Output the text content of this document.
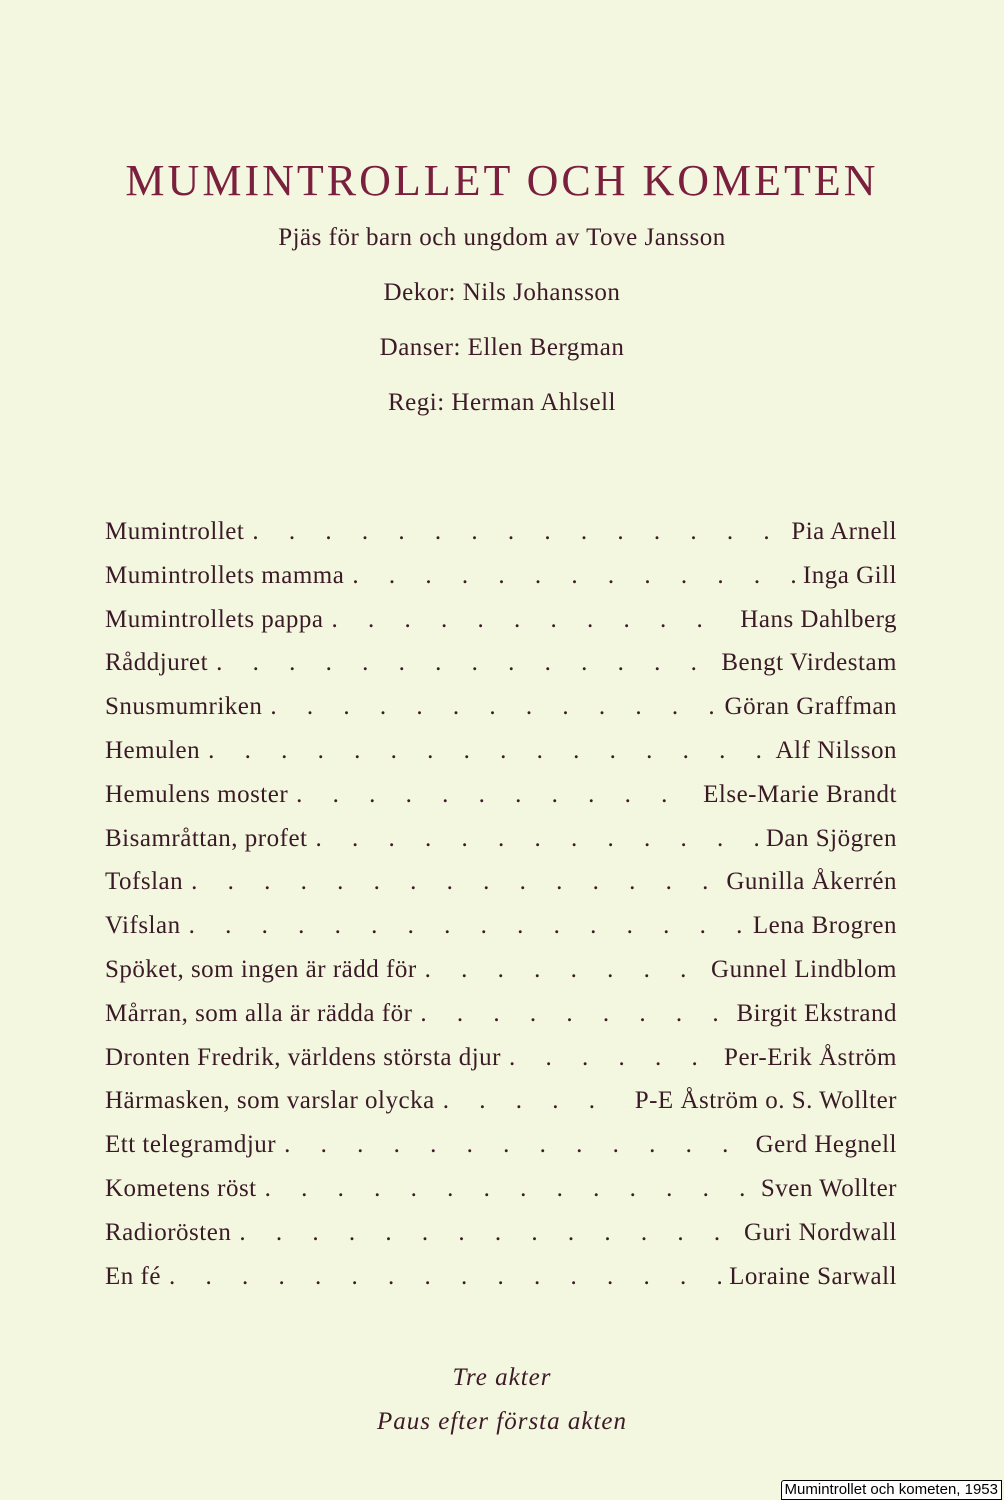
MUMINTROLLET OCH KOMETEN
Pjäs för barn och ungdom av Tove Jansson
Dekor: Nils Johansson
Danser: Ellen Bergman
Regi: Herman Ahlsell
Mumintrollet . . .	Pia Arnell
Mumintrollets mamma . . .	Inga Gill
Mumintrollets pappa . . .	Hans Dahlberg
Råddjuret . . .	Bengt Virdestam
Snusmumriken . . .	Göran Graffman
Hemulen . . .	Alf Nilsson
Hemulens moster . . .	Else-Marie Brandt
Bisamråttan, profet . . .	Dan Sjögren
Tofslan . . .	Gunilla Åkerrén
Vifslan . . .	Lena Brogren
Spöket, som ingen är rädd för . . .	Gunnel Lindblom
Mårran, som alla är rädda för . . .	Birgit Ekstrand
Dronten Fredrik, världens största djur . . .	Per-Erik Åström
Härmasken, som varslar olycka . . .	P-E Åström o. S. Wollter
Ett telegramdjur . . .	Gerd Hegnell
Kometens röst . . .	Sven Wollter
Radiorösten . . .	Guri Nordwall
En fé . . .	Loraine Sarwall
Tre akter
Paus efter första akten
Mumintrollet och kometen, 1953
